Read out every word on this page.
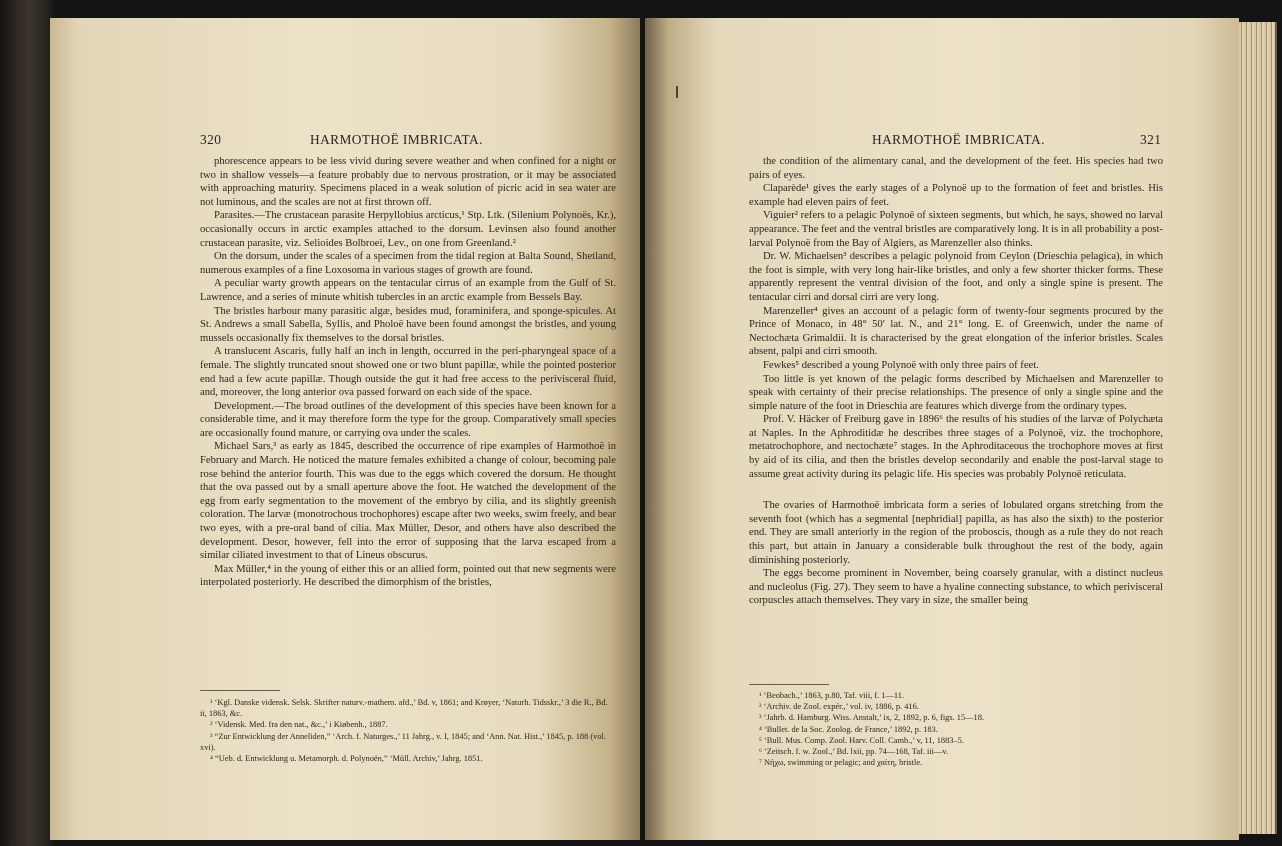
320	HARMOTHOË IMBRICATA.

phorescence appears to be less vivid during severe weather and when confined for a night or two in shallow vessels—a feature probably due to nervous prostration, or it may be associated with approaching maturity. Specimens placed in a weak solution of picric acid in sea water are not luminous, and the scales are not at first thrown off.

Parasites.—The crustacean parasite Herpyllobius arcticus,¹ Stp. Ltk. (Silenium Polynoës, Kr.), occasionally occurs in arctic examples attached to the dorsum. Levinsen also found another crustacean parasite, viz. Selioides Bolbroei, Lev., on one from Greenland.²

On the dorsum, under the scales of a specimen from the tidal region at Balta Sound, Shetland, numerous examples of a fine Loxosoma in various stages of growth are found.

A peculiar warty growth appears on the tentacular cirrus of an example from the Gulf of St. Lawrence, and a series of minute whitish tubercles in an arctic example from Bessels Bay.

The bristles harbour many parasitic algæ, besides mud, foraminifera, and sponge-spicules. At St. Andrews a small Sabella, Syllis, and Pholoë have been found amongst the bristles, and young mussels occasionally fix themselves to the dorsal bristles.

A translucent Ascaris, fully half an inch in length, occurred in the peri-pharyngeal space of a female. The slightly truncated snout showed one or two blunt papillæ, while the pointed posterior end had a few acute papillæ. Though outside the gut it had free access to the perivisceral fluid, and, moreover, the long anterior ova passed forward on each side of the space.

Development.—The broad outlines of the development of this species have been known for a considerable time, and it may therefore form the type for the group. Comparatively small species are occasionally found mature, or carrying ova under the scales.

Michael Sars,³ as early as 1845, described the occurrence of ripe examples of Harmothoë in February and March. He noticed the mature females exhibited a change of colour, becoming pale rose behind the anterior fourth. This was due to the eggs which covered the dorsum. He thought that the ova passed out by a small aperture above the foot. He watched the development of the egg from early segmentation to the movement of the embryo by cilia, and its slightly greenish coloration. The larvæ (monotrochous trochophores) escape after two weeks, swim freely, and bear two eyes, with a pre-oral band of cilia. Max Müller, Desor, and others have also described the development. Desor, however, fell into the error of supposing that the larva escaped from a similar ciliated investment to that of Lineus obscurus.

Max Müller,⁴ in the young of either this or an allied form, pointed out that new segments were interpolated posteriorly. He described the dimorphism of the bristles,

¹ ‘Kgl. Danske vidensk. Selsk. Skrifter naturv.-mathem. afd.,’ Bd. v, 1861; and Krøyer, ‘Naturh. Tidsskr.,’ 3 die R., Bd. ii, 1863, &c.

² ‘Vidensk. Med. fra den nat., &c.,’ i Kiøbenh., 1887.

³ “Zur Entwicklung der Anneliden,” ‘Arch. f. Naturges.,’ 11 Jahrg., v. I, 1845; and ‘Ann. Nat. Hist.,’ 1845, p. 188 (vol. xvi).

⁴ “Ueb. d. Entwicklung u. Metamorph. d. Polynoën,” ‘Müll. Archiv,’ Jahrg. 1851.

HARMOTHOË IMBRICATA.	321

the condition of the alimentary canal, and the development of the feet. His species had two pairs of eyes.

Claparède¹ gives the early stages of a Polynoë up to the formation of feet and bristles. His example had eleven pairs of feet.

Viguier² refers to a pelagic Polynoë of sixteen segments, but which, he says, showed no larval appearance. The feet and the ventral bristles are comparatively long. It is in all probability a post-larval Polynoë from the Bay of Algiers, as Marenzeller also thinks.

Dr. W. Michaelsen³ describes a pelagic polynoid from Ceylon (Drieschia pelagica), in which the foot is simple, with very long hair-like bristles, and only a few shorter thicker forms. These apparently represent the ventral division of the foot, and only a single spine is present. The tentacular cirri and dorsal cirri are very long.

Marenzeller⁴ gives an account of a pelagic form of twenty-four segments procured by the Prince of Monaco, in 48° 50′ lat. N., and 21° long. E. of Greenwich, under the name of Nectochæta Grimaldii. It is characterised by the great elongation of the inferior bristles. Scales absent, palpi and cirri smooth.

Fewkes⁵ described a young Polynoë with only three pairs of feet.

Too little is yet known of the pelagic forms described by Michaelsen and Marenzeller to speak with certainty of their precise relationships. The presence of only a single spine and the simple nature of the foot in Drieschia are features which diverge from the ordinary types.

Prof. V. Häcker of Freiburg gave in 1896⁶ the results of his studies of the larvæ of Polychæta at Naples. In the Aphroditidæ he describes three stages of a Polynoë, viz. the trochophore, metatrochophore, and nectochæte⁷ stages. In the Aphroditaceous the trochophore moves at first by aid of its cilia, and then the bristles develop secondarily and enable the post-larval stage to assume great activity during its pelagic life. His species was probably Polynoë reticulata.

The ovaries of Harmothoë imbricata form a series of lobulated organs stretching from the seventh foot (which has a segmental [nephridial] papilla, as has also the sixth) to the posterior end. They are small anteriorly in the region of the proboscis, though as a rule they do not reach this part, but attain in January a considerable bulk throughout the rest of the body, again diminishing posteriorly.

The eggs become prominent in November, being coarsely granular, with a distinct nucleus and nucleolus (Fig. 27). They seem to have a hyaline connecting substance, to which perivisceral corpuscles attach themselves. They vary in size, the smaller being

¹ ‘Beobach.,’ 1863, p.80, Taf. viii, f. 1—11.

² ‘Archiv. de Zool. expér.,’ vol. iv, 1886, p. 416.

³ ‘Jahrb. d. Hamburg. Wiss. Anstalt,’ ix, 2, 1892, p. 6, figs. 15—18.

⁴ ‘Bullet. de la Soc. Zoolog. de France,’ 1892, p. 183.

⁵ ‘Bull. Mus. Comp. Zool. Harv. Coll. Camb.,’ v, 11, 1883–5.

⁶ ‘Zeitsch. f. w. Zool.,’ Bd. lxii, pp. 74—168, Taf. iii—v.

⁷ Νήχω, swimming or pelagic; and χαίτη, bristle.
